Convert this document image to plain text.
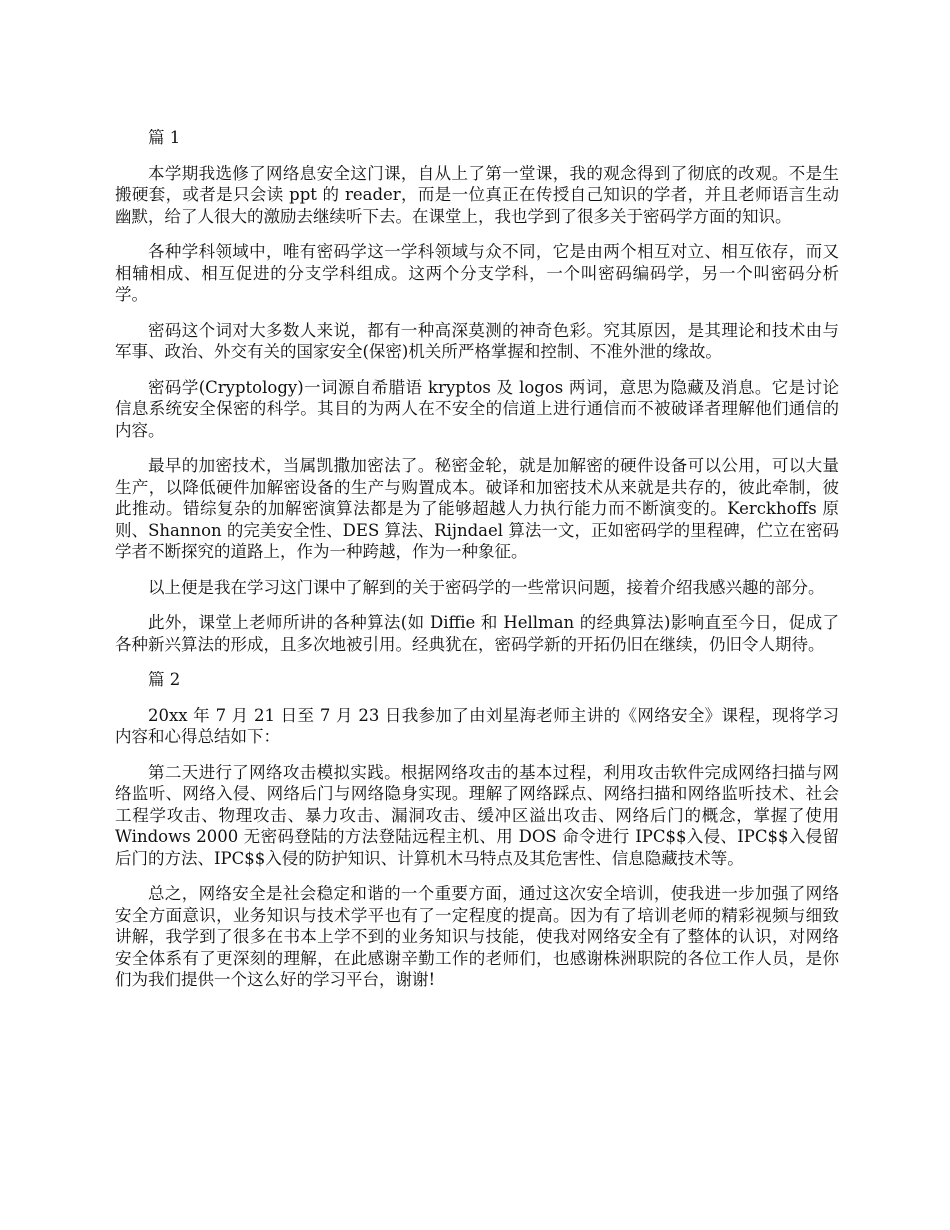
篇 1

本学期我选修了网络息安全这门课，自从上了第一堂课，我的观念得到了彻底的改观。不是生搬硬套，或者是只会读 ppt 的 reader，而是一位真正在传授自己知识的学者，并且老师语言生动幽默，给了人很大的激励去继续听下去。在课堂上，我也学到了很多关于密码学方面的知识。

各种学科领域中，唯有密码学这一学科领域与众不同，它是由两个相互对立、相互依存，而又相辅相成、相互促进的分支学科组成。这两个分支学科，一个叫密码编码学，另一个叫密码分析学。

密码这个词对大多数人来说，都有一种高深莫测的神奇色彩。究其原因，是其理论和技术由与军事、政治、外交有关的国家安全(保密)机关所严格掌握和控制、不准外泄的缘故。

密码学(Cryptology)一词源自希腊语 kryptos 及 logos 两词，意思为隐藏及消息。它是讨论信息系统安全保密的科学。其目的为两人在不安全的信道上进行通信而不被破译者理解他们通信的内容。

最早的加密技术，当属凯撒加密法了。秘密金轮，就是加解密的硬件设备可以公用，可以大量生产，以降低硬件加解密设备的生产与购置成本。破译和加密技术从来就是共存的，彼此牵制，彼此推动。错综复杂的加解密演算法都是为了能够超越人力执行能力而不断演变的。Kerckhoffs 原则、Shannon 的完美安全性、DES 算法、Rijndael 算法一文，正如密码学的里程碑，伫立在密码学者不断探究的道路上，作为一种跨越，作为一种象征。

以上便是我在学习这门课中了解到的关于密码学的一些常识问题，接着介绍我感兴趣的部分。

此外，课堂上老师所讲的各种算法(如 Diffie 和 Hellman 的经典算法)影响直至今日，促成了各种新兴算法的形成，且多次地被引用。经典犹在，密码学新的开拓仍旧在继续，仍旧令人期待。

篇 2

20xx 年 7 月 21 日至 7 月 23 日我参加了由刘星海老师主讲的《网络安全》课程，现将学习内容和心得总结如下：

第二天进行了网络攻击模拟实践。根据网络攻击的基本过程，利用攻击软件完成网络扫描与网络监听、网络入侵、网络后门与网络隐身实现。理解了网络踩点、网络扫描和网络监听技术、社会工程学攻击、物理攻击、暴力攻击、漏洞攻击、缓冲区溢出攻击、网络后门的概念，掌握了使用 Windows 2000 无密码登陆的方法登陆远程主机、用 DOS 命令进行 IPC$$入侵、IPC$$入侵留后门的方法、IPC$$入侵的防护知识、计算机木马特点及其危害性、信息隐藏技术等。

总之，网络安全是社会稳定和谐的一个重要方面，通过这次安全培训，使我进一步加强了网络安全方面意识，业务知识与技术学平也有了一定程度的提高。因为有了培训老师的精彩视频与细致讲解，我学到了很多在书本上学不到的业务知识与技能，使我对网络安全有了整体的认识，对网络安全体系有了更深刻的理解，在此感谢辛勤工作的老师们，也感谢株洲职院的各位工作人员，是你们为我们提供一个这么好的学习平台，谢谢!
